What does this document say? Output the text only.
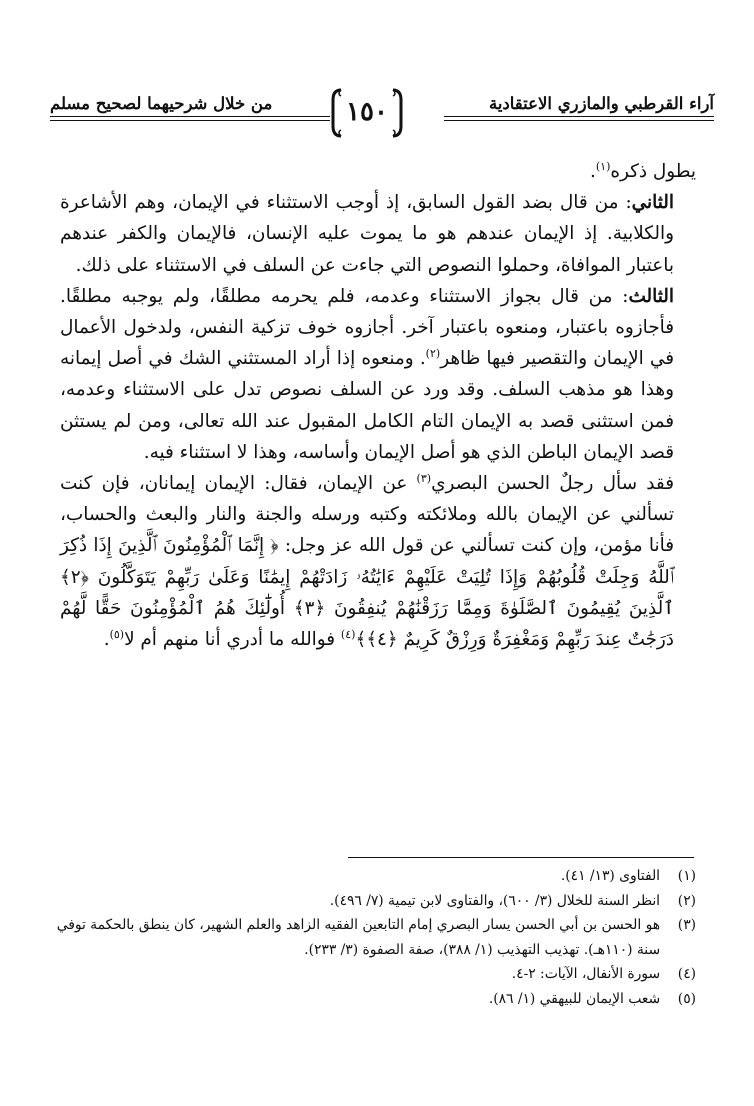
آراء القرطبي والمازري الاعتقادية
من خلال شرحيهما لصحيح مسلم	١٥٠

يطول ذكره$^{(١)}$.

الثاني: من قال بضد القول السابق، إذ أوجب الاستثناء في الإيمان، وهم الأشاعرة والكلابية. إذ الإيمان عندهم هو ما يموت عليه الإنسان، فالإيمان والكفر عندهم باعتبار الموافاة، وحملوا النصوص التي جاءت عن السلف في الاستثناء على ذلك.

الثالث: من قال بجواز الاستثناء وعدمه، فلم يحرمه مطلقًا، ولم يوجبه مطلقًا. فأجازوه باعتبار، ومنعوه باعتبار آخر. أجازوه خوف تزكية النفس، ولدخول الأعمال في الإيمان والتقصير فيها ظاهر$^{(٢)}$. ومنعوه إذا أراد المستثني الشك في أصل إيمانه وهذا هو مذهب السلف. وقد ورد عن السلف نصوص تدل على الاستثناء وعدمه، فمن استثنى قصد به الإيمان التام الكامل المقبول عند الله تعالى، ومن لم يستثن قصد الإيمان الباطن الذي هو أصل الإيمان وأساسه، وهذا لا استثناء فيه.

فقد سأل رجلٌ الحسن البصري$^{(٣)}$ عن الإيمان، فقال: الإيمان إيمانان، فإن كنت تسألني عن الإيمان بالله وملائكته وكتبه ورسله والجنة والنار والبعث والحساب، فأنا مؤمن، وإن كنت تسألني عن قول الله عز وجل: ﴿ إِنَّمَا ٱلْمُؤْمِنُونَ ٱلَّذِينَ إِذَا ذُكِرَ ٱللَّهُ وَجِلَتْ قُلُوبُهُمْ وَإِذَا تُلِيَتْ عَلَيْهِمْ ءَايَٰتُهُۥ زَادَتْهُمْ إِيمَٰنًا وَعَلَىٰ رَبِّهِمْ يَتَوَكَّلُونَ ﴿٢﴾ ٱلَّذِينَ يُقِيمُونَ ٱلصَّلَوٰةَ وَمِمَّا رَزَقْنَٰهُمْ يُنفِقُونَ ﴿٣﴾ أُولَٰٓئِكَ هُمُ ٱلْمُؤْمِنُونَ حَقًّا لَّهُمْ دَرَجَٰتٌ عِندَ رَبِّهِمْ وَمَغْفِرَةٌ وَرِزْقٌ كَرِيمٌ ﴿٤﴾﴾$^{(٤)}$ فوالله ما أدري أنا منهم أم لا$^{(٥)}$.

(١)
الفتاوى (١٣/ ٤١).
(٢)
انظر السنة للخلال (٣/ ٦٠٠)، والفتاوى لابن تيمية (٧/ ٤٩٦).
(٣)
هو الحسن بن أبي الحسن يسار البصري إمام التابعين الفقيه الزاهد والعلم الشهير، كان ينطق بالحكمة توفي سنة (١١٠هـ). تهذيب التهذيب (١/ ٣٨٨)، صفة الصفوة (٣/ ٢٣٣).
(٤)
سورة الأنفال، الآيات: ٢-٤.
(٥)
شعب الإيمان للبيهقي (١/ ٨٦).
